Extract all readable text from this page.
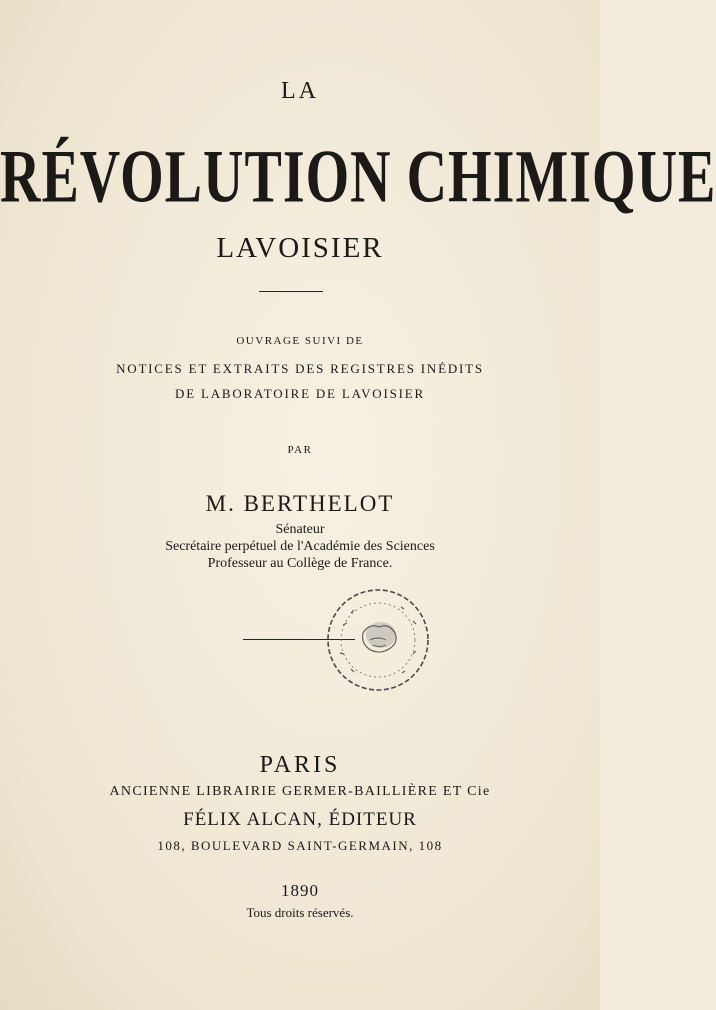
LA
RÉVOLUTION CHIMIQUE
LAVOISIER
OUVRAGE SUIVI DE
NOTICES ET EXTRAITS DES REGISTRES INÉDITS
DE LABORATOIRE DE LAVOISIER
PAR
M. BERTHELOT
Sénateur
Secrétaire perpétuel de l'Académie des Sciences
Professeur au Collège de France.
PARIS
ANCIENNE LIBRAIRIE GERMER-BAILLIÈRE ET Cie
FÉLIX ALCAN, ÉDITEUR
108, BOULEVARD SAINT-GERMAIN, 108
1890
Tous droits réservés.
